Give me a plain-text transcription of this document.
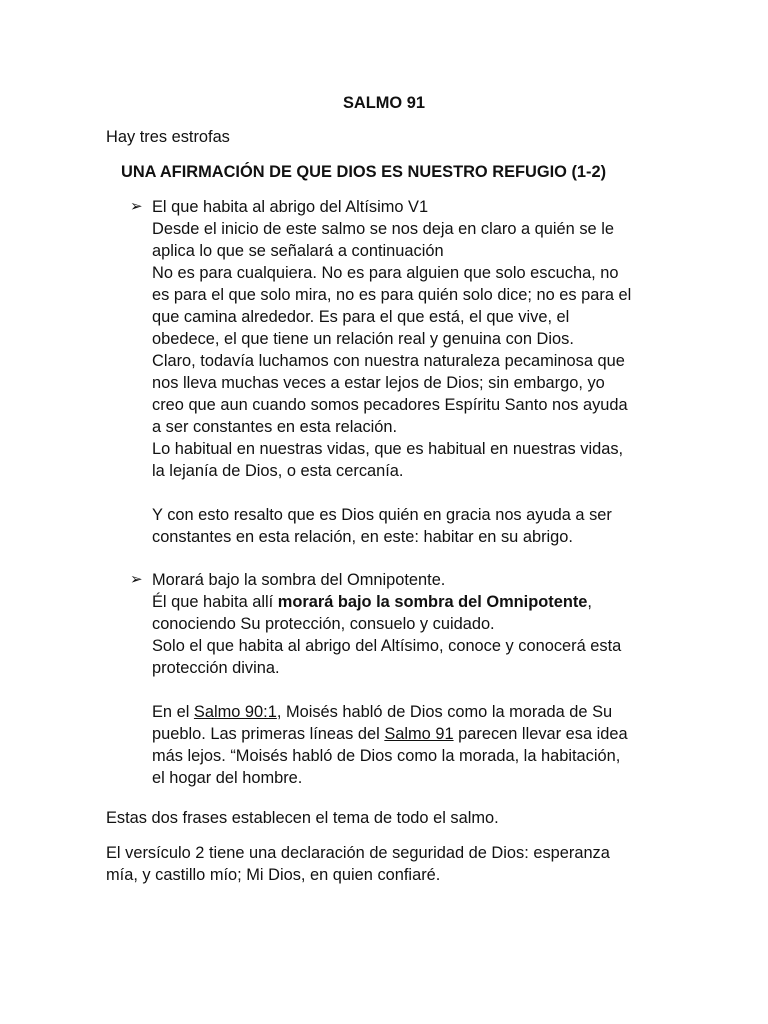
SALMO 91
Hay tres estrofas
UNA AFIRMACIÓN DE QUE DIOS ES NUESTRO REFUGIO (1-2)
➢ El que habita al abrigo del Altísimo V1

Desde el inicio de este salmo se nos deja en claro a quién se le

aplica lo que se señalará a continuación

No es para cualquiera. No es para alguien que solo escucha, no

es para el que solo mira, no es para quién solo dice; no es para el

que camina alrededor. Es para el que está, el que vive, el

obedece, el que tiene un relación real y genuina con Dios.

Claro, todavía luchamos con nuestra naturaleza pecaminosa que

nos lleva muchas veces a estar lejos de Dios; sin embargo, yo

creo que aun cuando somos pecadores Espíritu Santo nos ayuda

a ser constantes en esta relación.

Lo habitual en nuestras vidas, que es habitual en nuestras vidas,

la lejanía de Dios, o esta cercanía.

Y con esto resalto que es Dios quién en gracia nos ayuda a ser

constantes en esta relación, en este: habitar en su abrigo.

➢ Morará bajo la sombra del Omnipotente.

Él que habita allí morará bajo la sombra del Omnipotente,

conociendo Su protección, consuelo y cuidado.

Solo el que habita al abrigo del Altísimo, conoce y conocerá esta

protección divina.

En el Salmo 90:1, Moisés habló de Dios como la morada de Su

pueblo. Las primeras líneas del Salmo 91 parecen llevar esa idea

más lejos. “Moisés habló de Dios como la morada, la habitación,

el hogar del hombre.

Estas dos frases establecen el tema de todo el salmo.

El versículo 2 tiene una declaración de seguridad de Dios: esperanza

mía, y castillo mío; Mi Dios, en quien confiaré.
